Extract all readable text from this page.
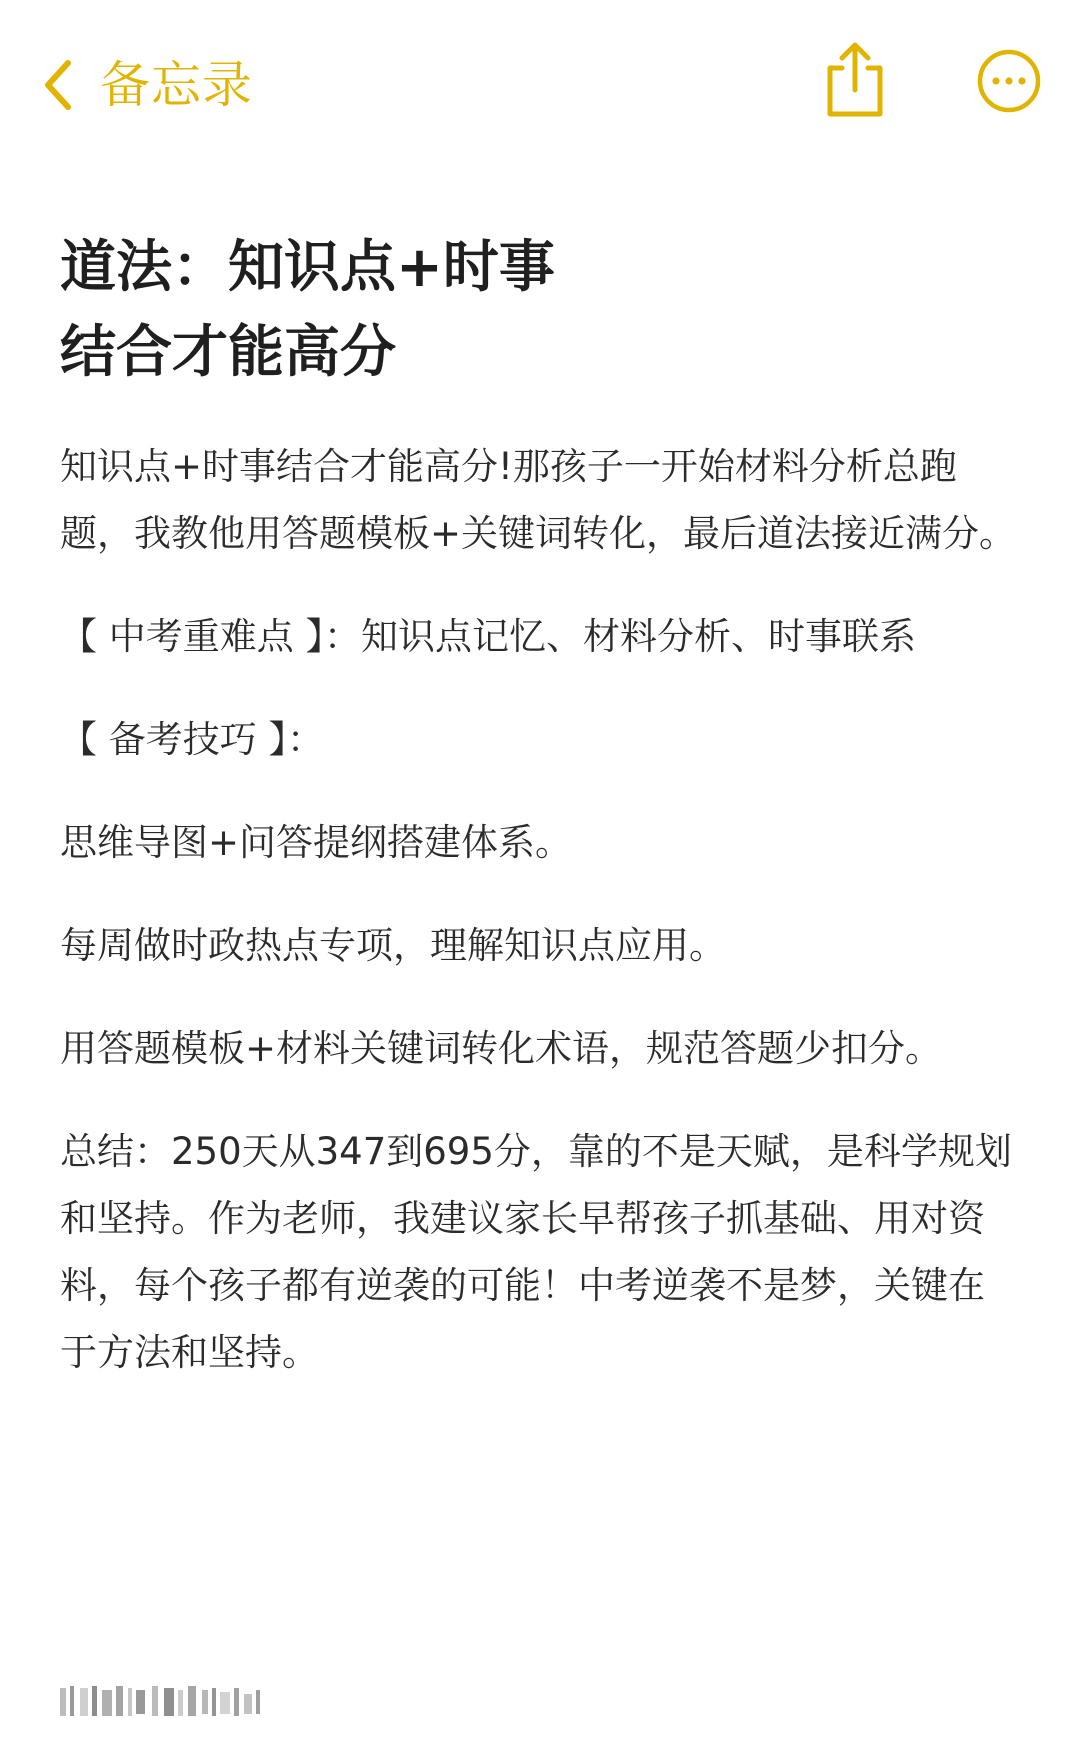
备忘录
道法：知识点+时事
结合才能高分

知识点+时事结合才能高分!那孩子一开始材料分析总跑题，我教他用答题模板+关键词转化，最后道法接近满分。

【 中考重难点 】：知识点记忆、材料分析、时事联系

【 备考技巧 】：

思维导图+问答提纲搭建体系。

每周做时政热点专项，理解知识点应用。

用答题模板+材料关键词转化术语，规范答题少扣分。

总结：250天从347到695分，靠的不是天赋，是科学规划和坚持。作为老师，我建议家长早帮孩子抓基础、用对资料，每个孩子都有逆袭的可能！中考逆袭不是梦，关键在于方法和坚持。
